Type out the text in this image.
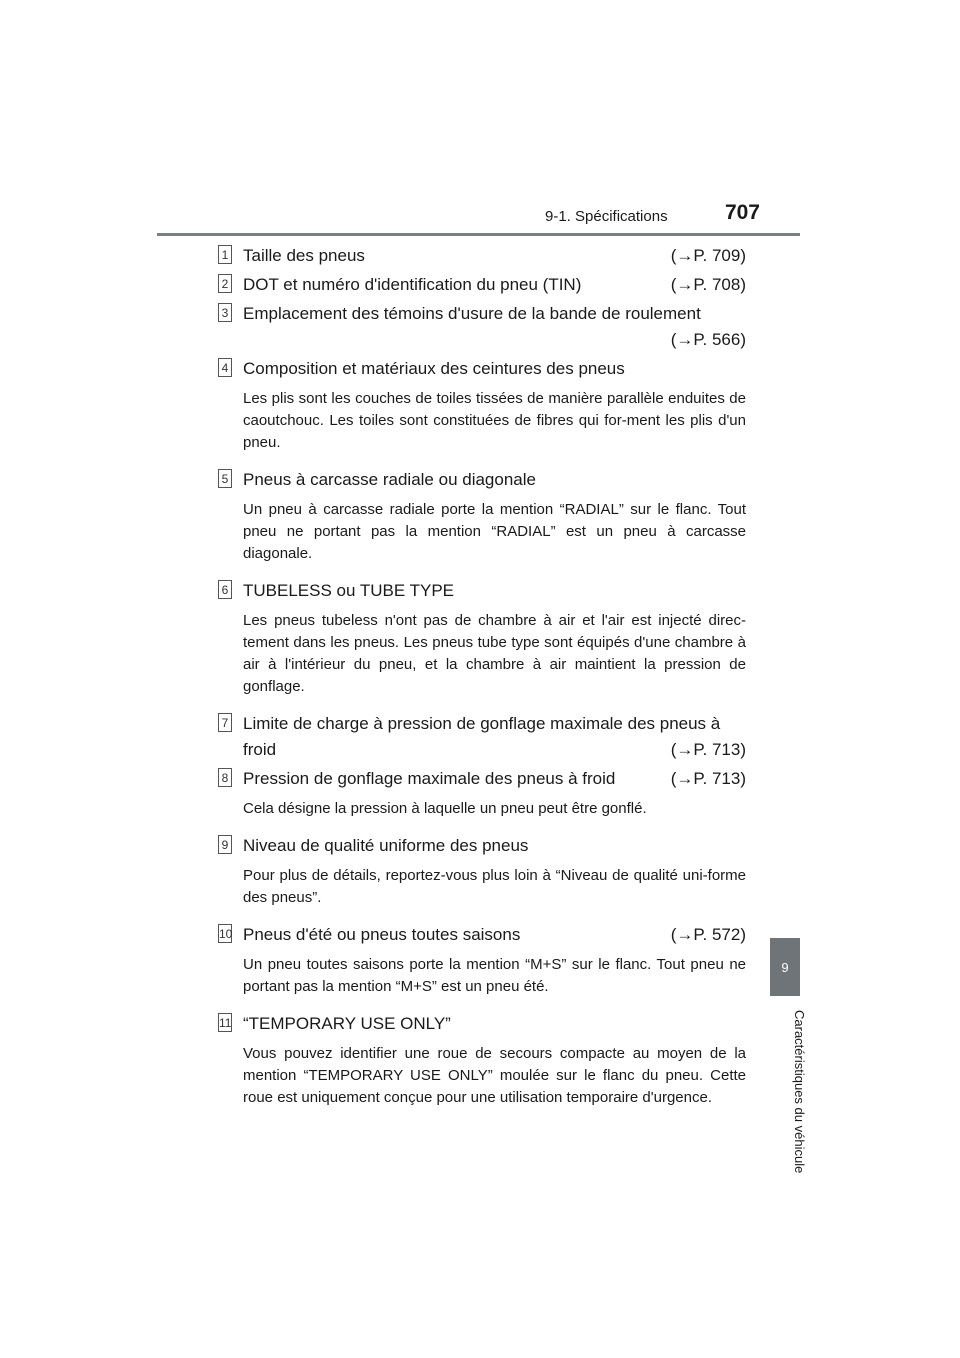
9-1. Spécifications	707
9
Caractéristiques du véhicule
1 Taille des pneus	(→P. 709)
2 DOT et numéro d'identification du pneu (TIN)	(→P. 708)
3 Emplacement des témoins d'usure de la bande de roulement
(→P. 566)
4 Composition et matériaux des ceintures des pneus
Les plis sont les couches de toiles tissées de manière parallèle enduites de caoutchouc. Les toiles sont constituées de fibres qui for-ment les plis d'un pneu.
5 Pneus à carcasse radiale ou diagonale
Un pneu à carcasse radiale porte la mention “RADIAL” sur le flanc. Tout pneu ne portant pas la mention “RADIAL” est un pneu à carcasse diagonale.
6 TUBELESS ou TUBE TYPE
Les pneus tubeless n'ont pas de chambre à air et l'air est injecté direc-tement dans les pneus. Les pneus tube type sont équipés d'une chambre à air à l'intérieur du pneu, et la chambre à air maintient la pression de gonflage.
7 Limite de charge à pression de gonflage maximale des pneus à froid	(→P. 713)
8 Pression de gonflage maximale des pneus à froid	(→P. 713)
Cela désigne la pression à laquelle un pneu peut être gonflé.
9 Niveau de qualité uniforme des pneus
Pour plus de détails, reportez-vous plus loin à “Niveau de qualité uni-forme des pneus”.
10 Pneus d'été ou pneus toutes saisons	(→P. 572)
Un pneu toutes saisons porte la mention “M+S” sur le flanc. Tout pneu ne portant pas la mention “M+S” est un pneu été.
11 “TEMPORARY USE ONLY”
Vous pouvez identifier une roue de secours compacte au moyen de la mention “TEMPORARY USE ONLY” moulée sur le flanc du pneu. Cette roue est uniquement conçue pour une utilisation temporaire d'urgence.
